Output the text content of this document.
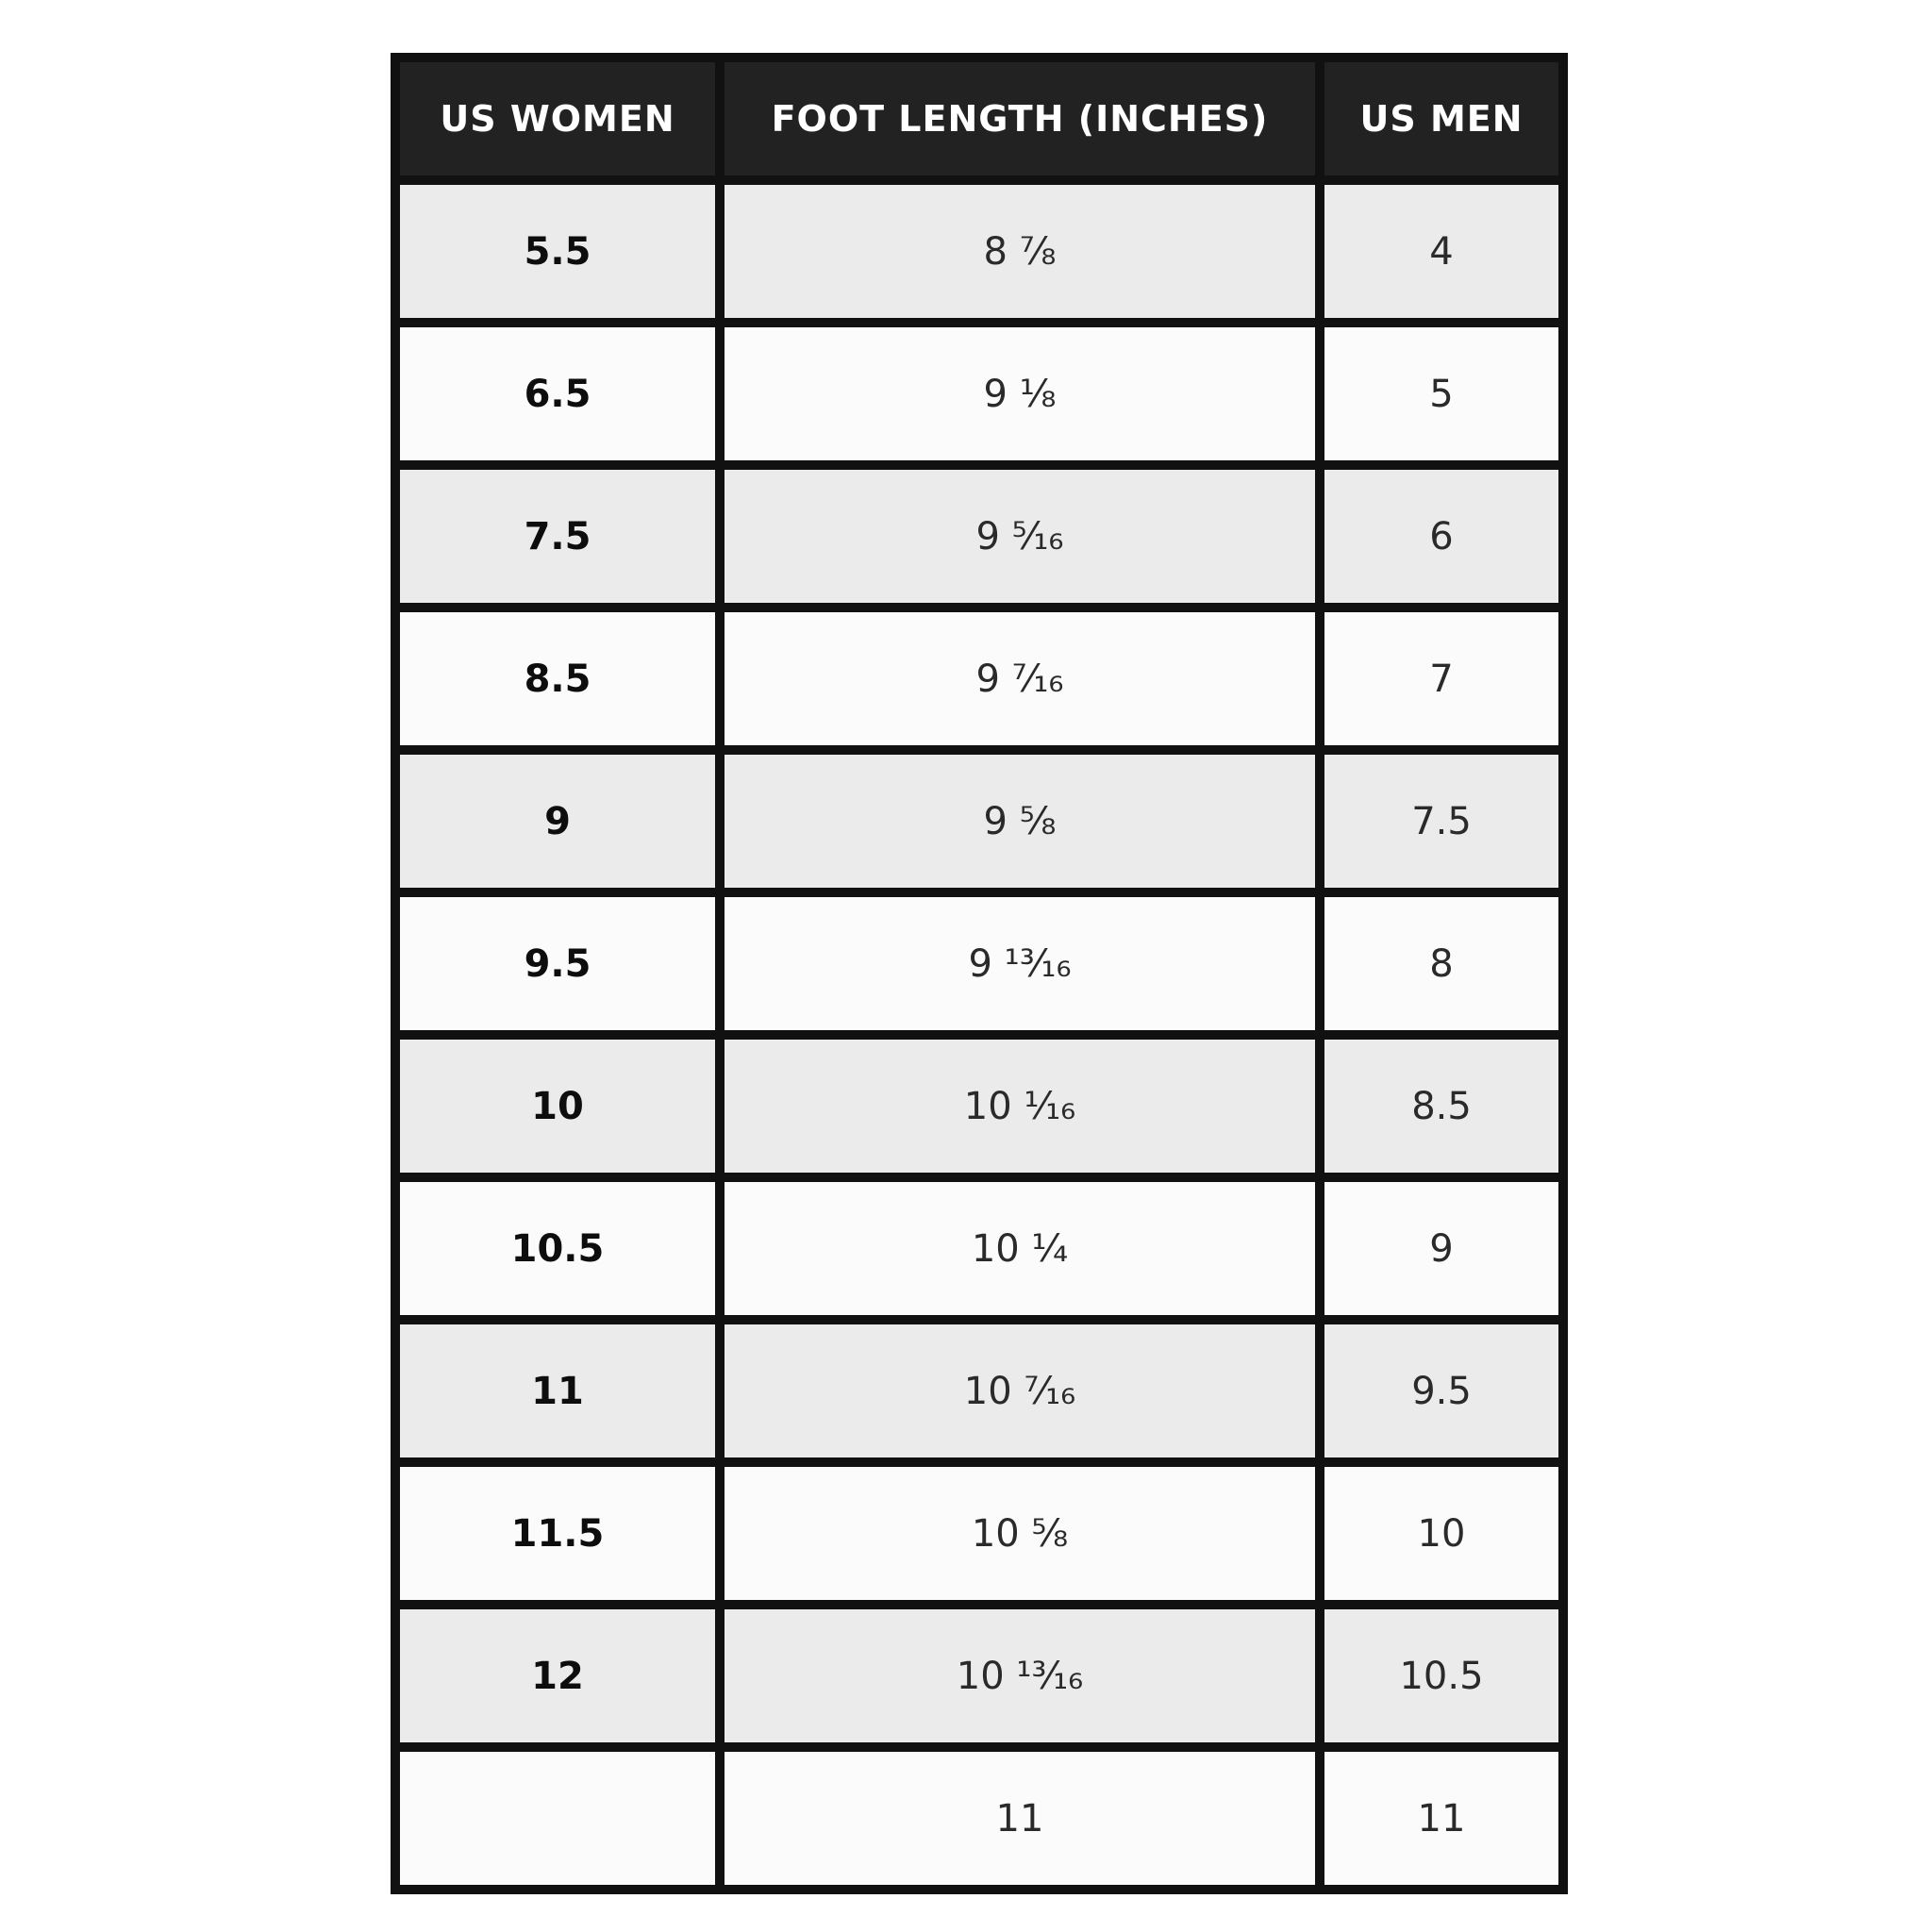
US WOMEN	FOOT LENGTH (INCHES)	US MEN
5.5	8 ⁷⁄₈	4
6.5	9 ¹⁄₈	5
7.5	9 ⁵⁄₁₆	6
8.5	9 ⁷⁄₁₆	7
9	9 ⁵⁄₈	7.5
9.5	9 ¹³⁄₁₆	8
10	10 ¹⁄₁₆	8.5
10.5	10 ¹⁄₄	9
11	10 ⁷⁄₁₆	9.5
11.5	10 ⁵⁄₈	10
12	10 ¹³⁄₁₆	10.5
	11	11
